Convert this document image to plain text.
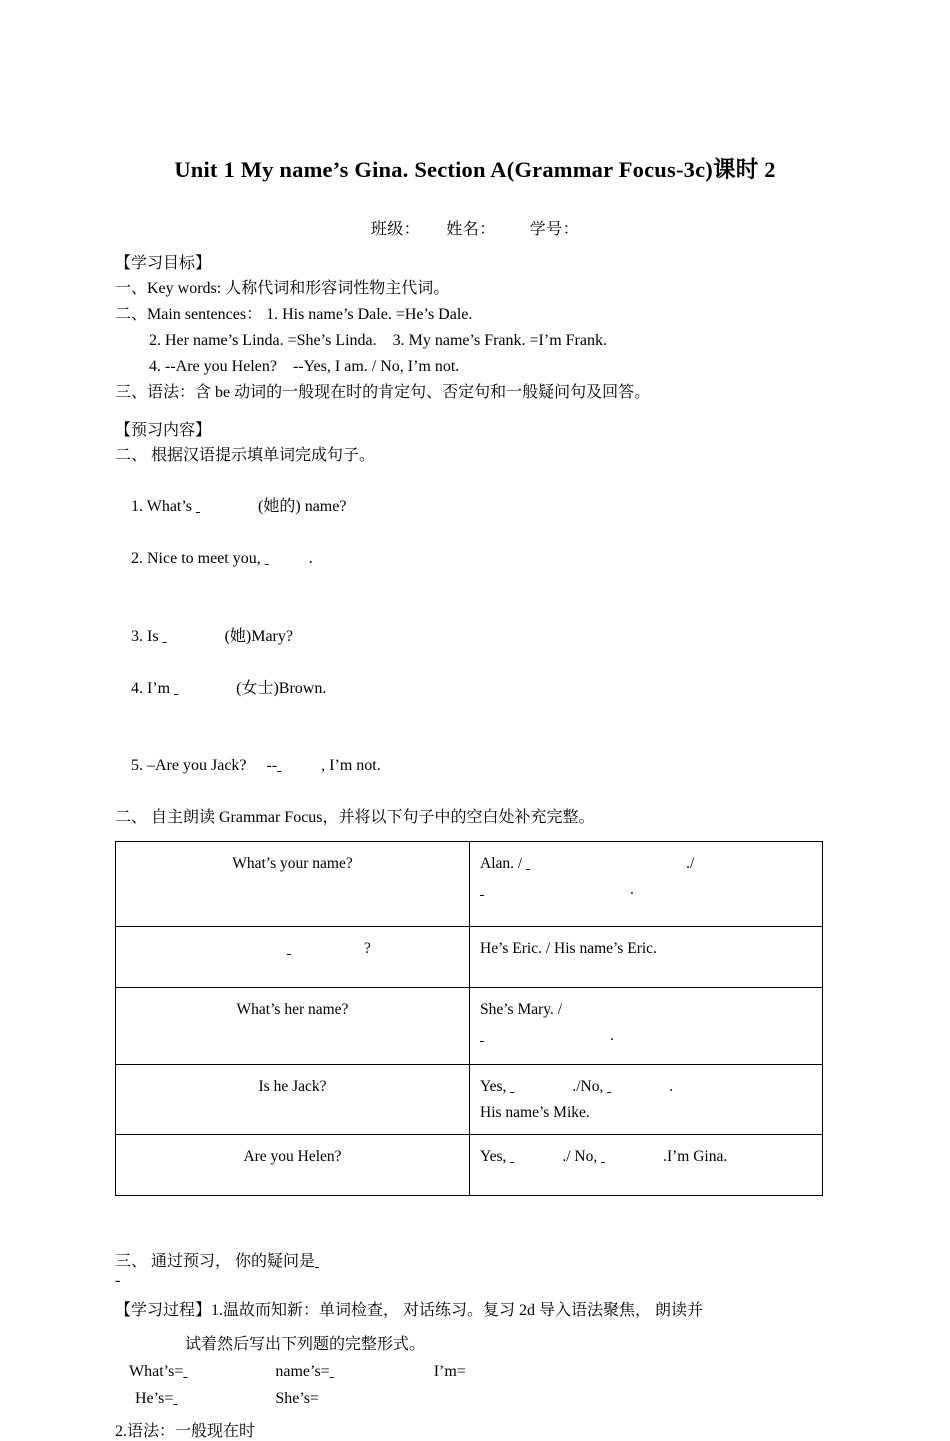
Unit 1 My name’s Gina. Section A(Grammar Focus-3c)课时 2
班级： 姓名： 学号：
【学习目标】
一、Key words: 人称代词和形容词性物主代词。
二、Main sentences： 1. His name’s Dale. =He’s Dale.
2. Her name’s Linda. =She’s Linda.    3. My name’s Frank. =I’m Frank.
4. --Are you Helen?    --Yes, I am. / No, I’m not.
三、语法：含 be 动词的一般现在时的肯定句、否定句和一般疑问句及回答。
【预习内容】
二、 根据汉语提示填单词完成句子。

1. What’s	(她的) name?

2. Nice to meet you,	.

3. Is	(她)Mary?

4. I’m	(女士)Brown.

5. –Are you Jack?     --	, I’m not.

二、 自主朗读 Grammar Focus，并将以下句子中的空白处补充完整。
What’s your name?	Alan. / ./
.
?	He’s Eric. / His name’s Eric.
What’s her name?	She’s Mary. /
.
Is he Jack?	Yes, ./No, .
His name’s Mike.
Are you Helen?	Yes, ./ No, .I’m Gina.
三、 通过预习， 你的疑问是
-
【学习过程】1.温故而知新：单词检查， 对话练习。复习 2d 导入语法聚焦， 朗读并
试着然后写出下列题的完整形式。
What’s=	name’s=	I’m=
He’s=	She’s=
2.语法：一般现在时
